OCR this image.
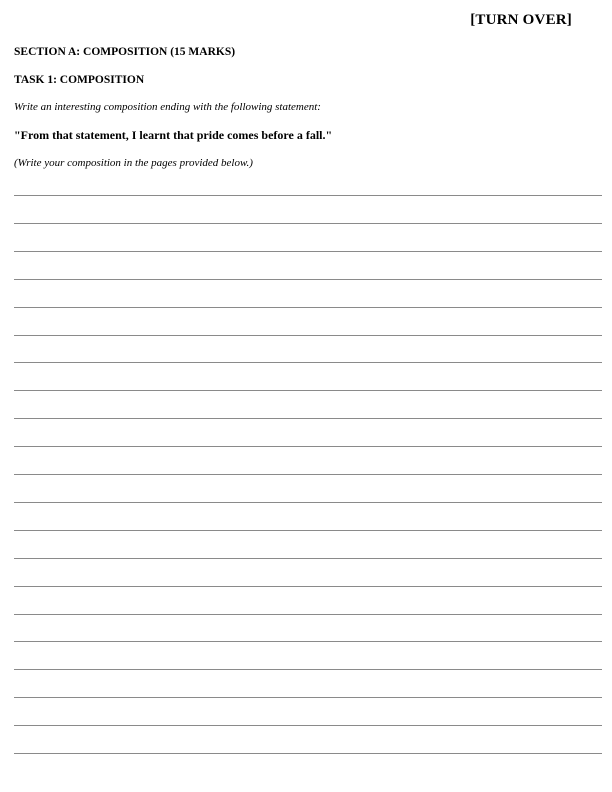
[TURN OVER]
SECTION A: COMPOSITION (15 MARKS)
TASK 1: COMPOSITION
Write an interesting composition ending with the following statement:
"From that statement, I learnt that pride comes before a fall."
(Write your composition in the pages provided below.)
